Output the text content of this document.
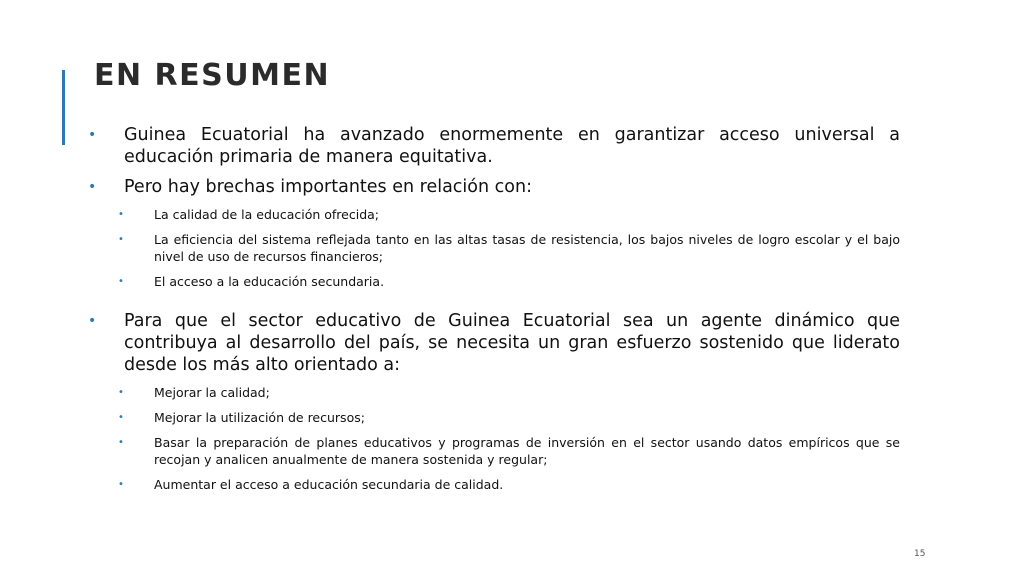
EN RESUMEN
• Guinea Ecuatorial ha avanzado enormemente en garantizar acceso universal a educación primaria de manera equitativa.
• Pero hay brechas importantes en relación con:
• La calidad de la educación ofrecida;
• La eficiencia del sistema reflejada tanto en las altas tasas de resistencia, los bajos niveles de logro escolar y el bajo nivel de uso de recursos financieros;
• El acceso a la educación secundaria.
• Para que el sector educativo de Guinea Ecuatorial sea un agente dinámico que contribuya al desarrollo del país, se necesita un gran esfuerzo sostenido que liderato desde los más alto orientado a:
• Mejorar la calidad;
• Mejorar la utilización de recursos;
• Basar la preparación de planes educativos y programas de inversión en el sector usando datos empíricos que se recojan y analicen anualmente de manera sostenida y regular;
• Aumentar el acceso a educación secundaria de calidad.
15
